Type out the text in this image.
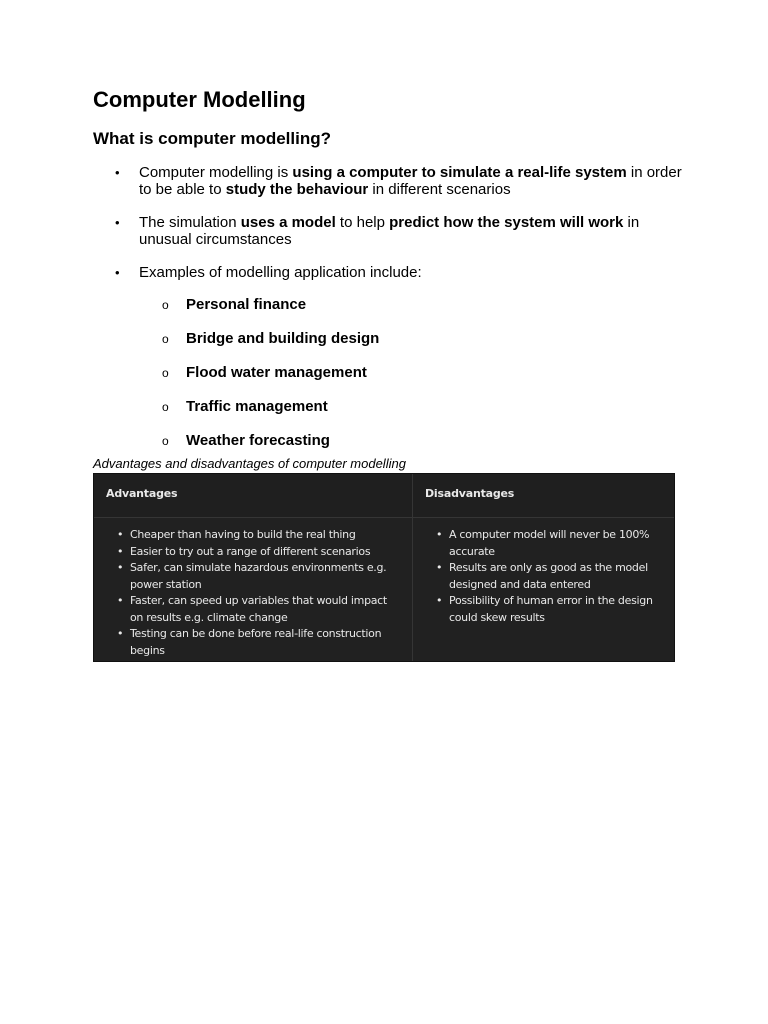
Computer Modelling
What is computer modelling?
• Computer modelling is using a computer to simulate a real-life system in order to be able to study the behaviour in different scenarios
• The simulation uses a model to help predict how the system will work in unusual circumstances
• Examples of modelling application include:
o Personal finance
o Bridge and building design
o Flood water management
o Traffic management
o Weather forecasting
Advantages and disadvantages of computer modelling
Advantages	Disadvantages
• Cheaper than having to build the real thing
• Easier to try out a range of different scenarios
• Safer, can simulate hazardous environments e.g. power station
• Faster, can speed up variables that would impact on results e.g. climate change
• Testing can be done before real-life construction begins
• A computer model will never be 100% accurate
• Results are only as good as the model designed and data entered
• Possibility of human error in the design could skew results
